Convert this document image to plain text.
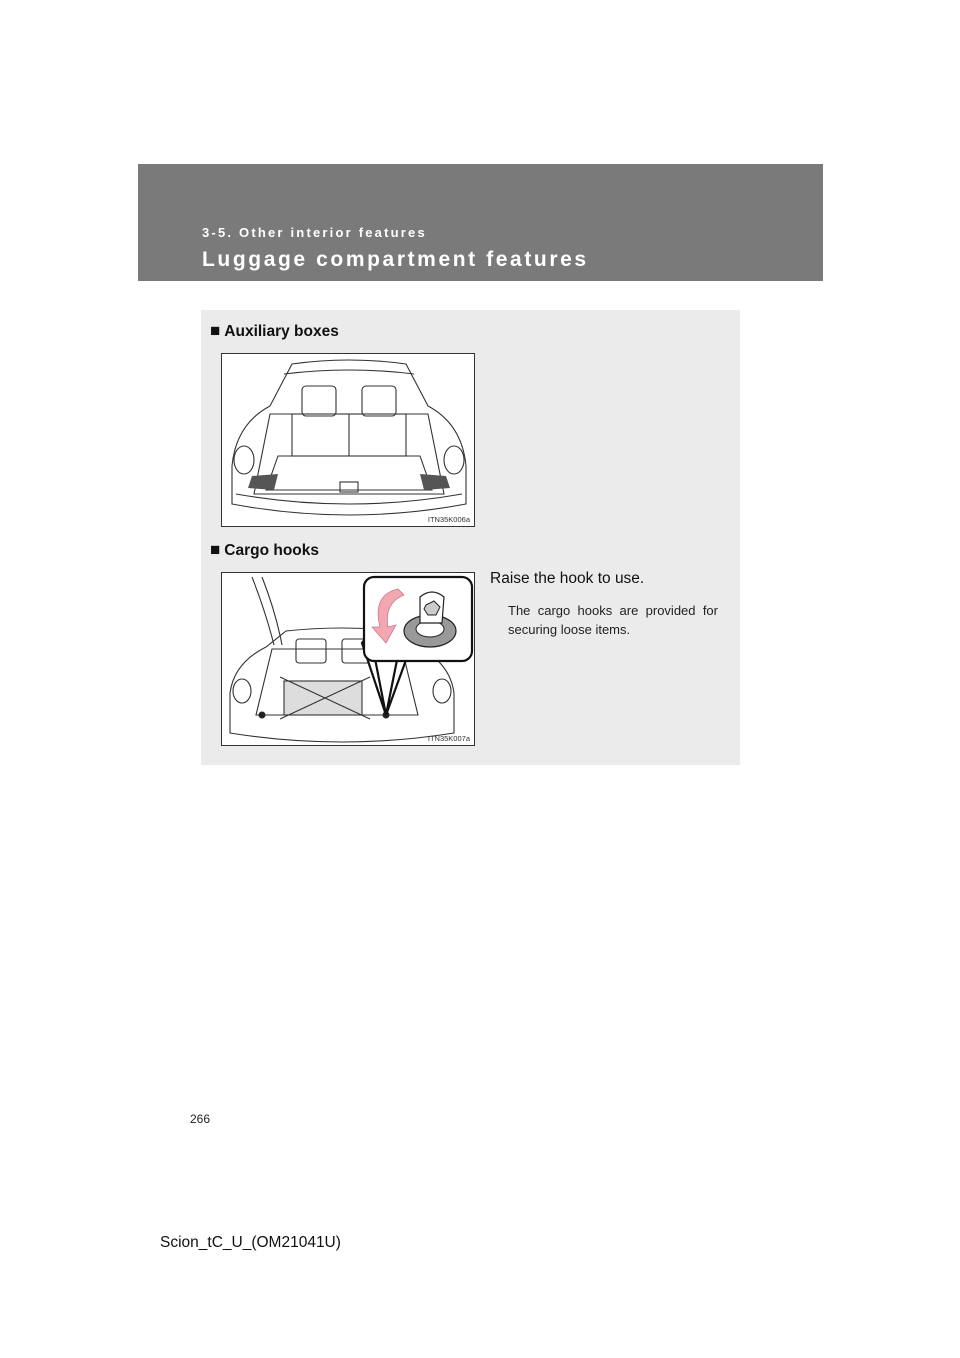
3-5. Other interior features
Luggage compartment features
■ Auxiliary boxes
ITN35K006a
■ Cargo hooks
ITN35K007a
Raise the hook to use.
The cargo hooks are provided for securing loose items.
266
Scion_tC_U_(OM21041U)
